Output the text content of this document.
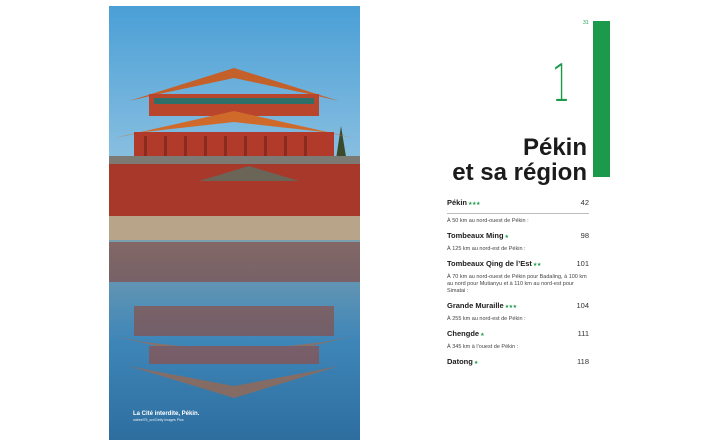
La Cité interdite, Pékin.
nabeel75_scr/Getty Images Plus
31
1
Pékin
et sa région
Pékin★★★	42
À 50 km au nord-ouest de Pékin :
Tombeaux Ming★	98
À 125 km au nord-est de Pékin :
Tombeaux Qing de l’Est★★	101
À 70 km au nord-ouest de Pékin pour Badaling, à 100 km au nord pour Mutianyu et à 110 km au nord-est pour Simatai :
Grande Muraille★★★	104
À 255 km au nord-est de Pékin :
Chengde★	111
À 345 km à l’ouest de Pékin :
Datong★	118
